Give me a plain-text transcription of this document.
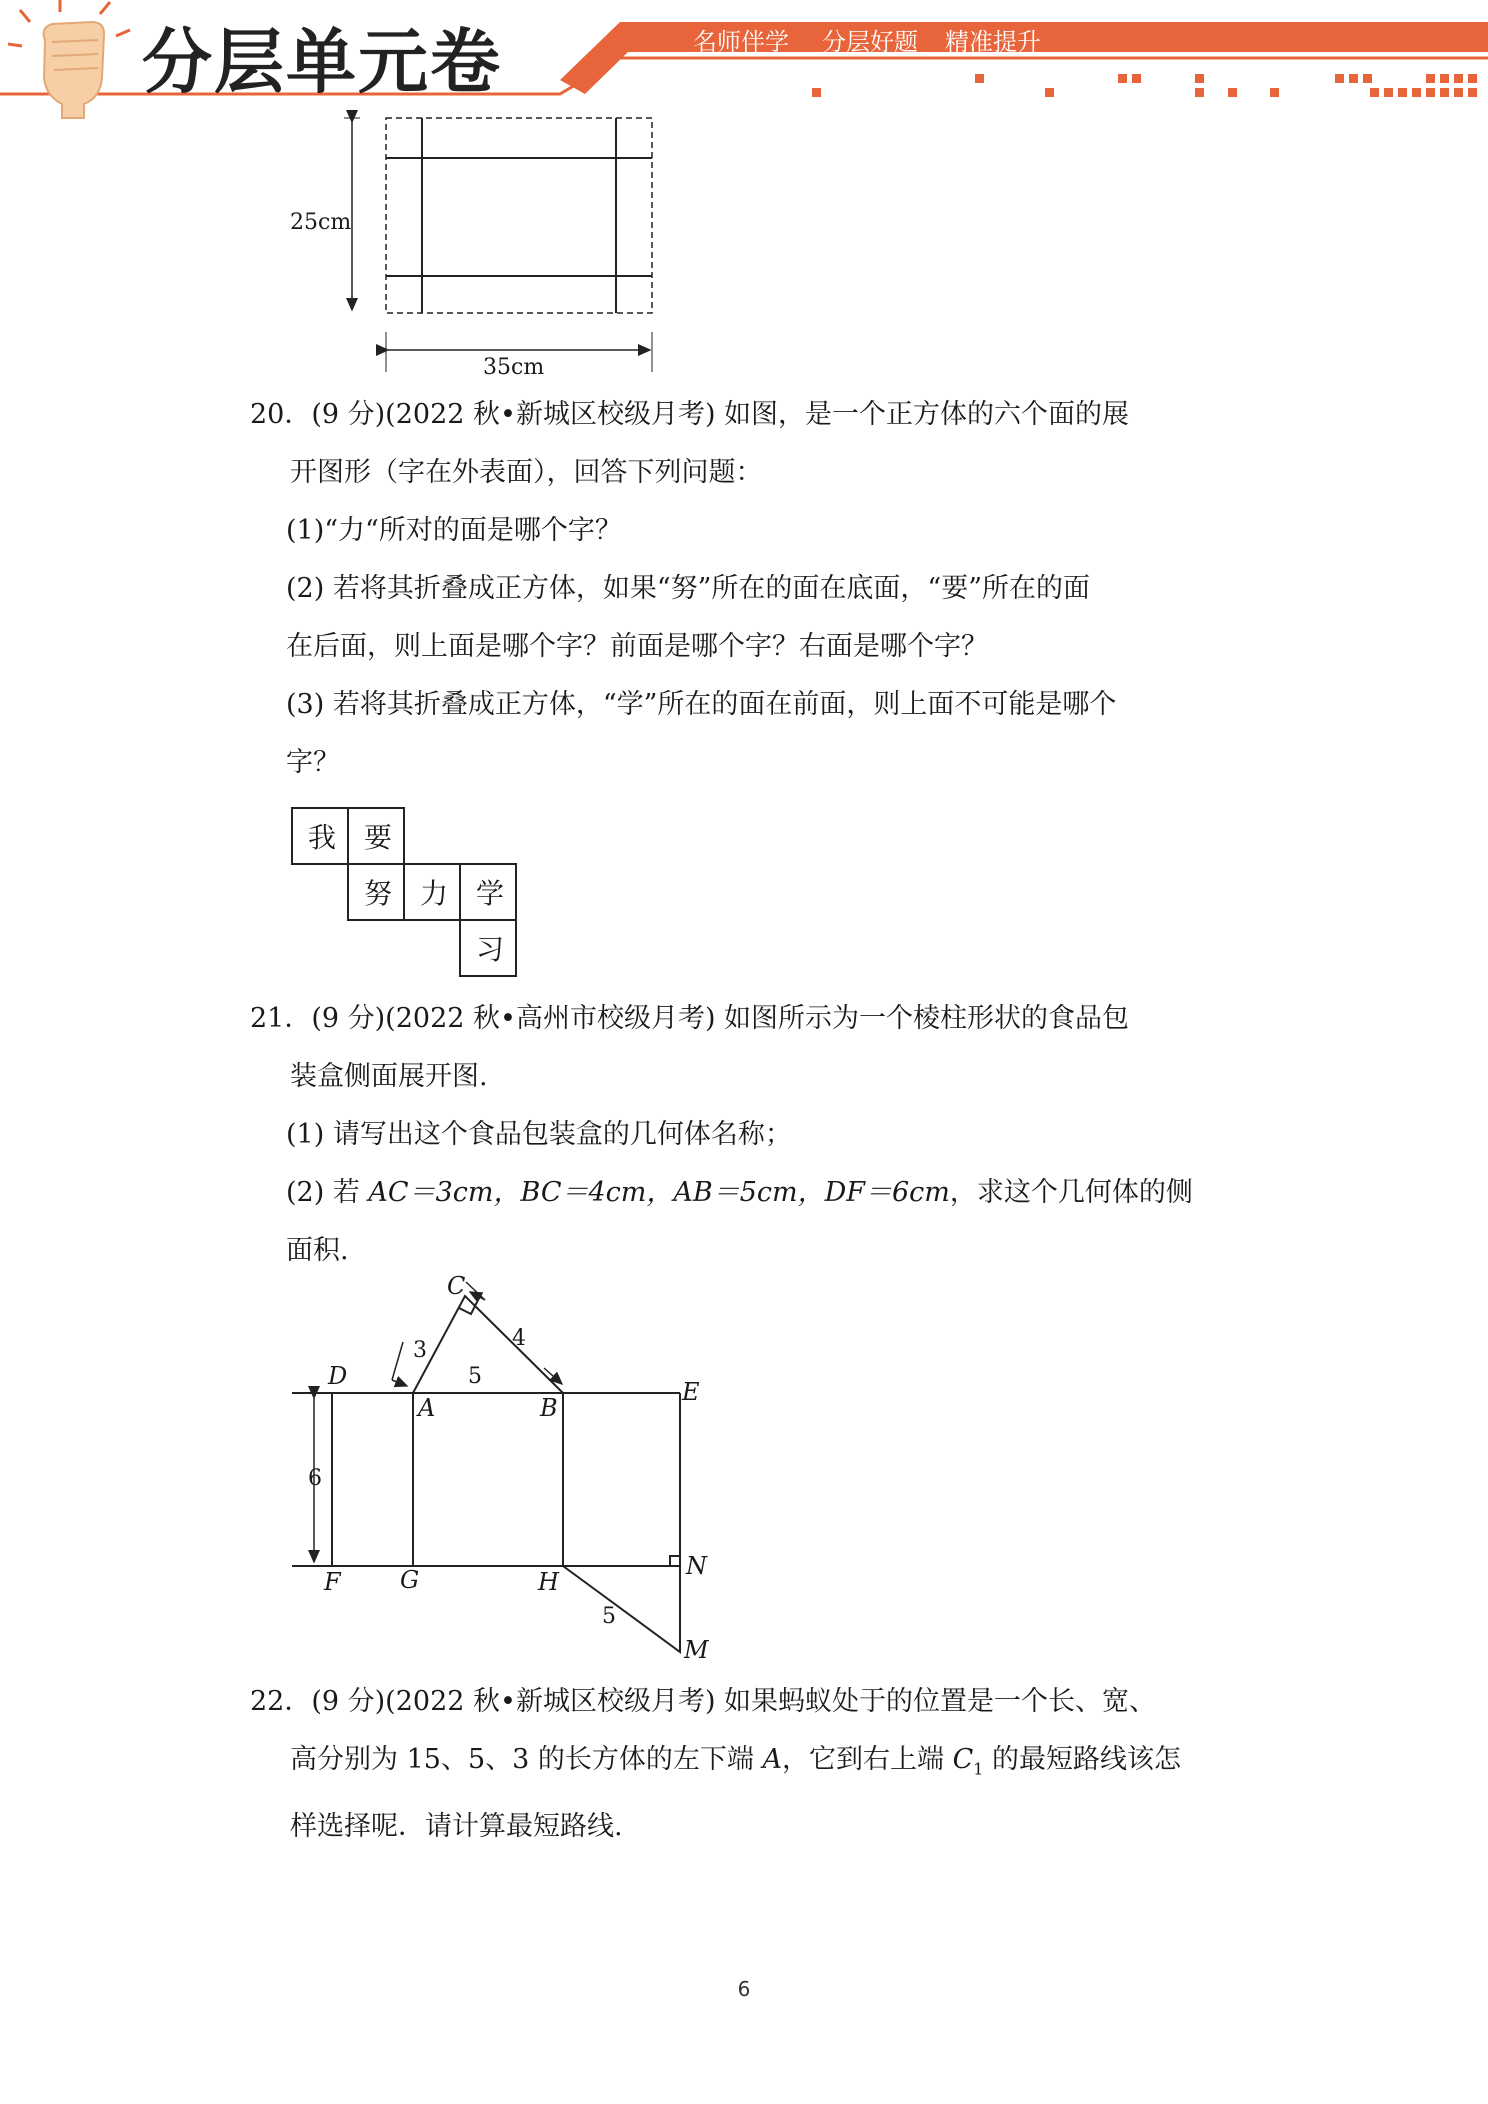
分层单元卷	名师伴学 分层好题 精准提升
25cm
35cm

20．(9 分)(2022 秋•新城区校级月考) 如图，是一个正方体的六个面的展

开图形（字在外表面），回答下列问题：

(1)“力“所对的面是哪个字？

(2) 若将其折叠成正方体，如果“努”所在的面在底面，“要”所在的面

在后面，则上面是哪个字？前面是哪个字？右面是哪个字？

(3) 若将其折叠成正方体，“学”所在的面在前面，则上面不可能是哪个

字？

我 要
努 力 学
习

21．(9 分)(2022 秋•高州市校级月考) 如图所示为一个棱柱形状的食品包

装盒侧面展开图.

(1) 请写出这个食品包装盒的几何体名称；

(2) 若 AC＝3cm，BC＝4cm，AB＝5cm，DF＝6cm，求这个几何体的侧

面积.

C
3	4
5
D
A	B
E
6
F G	H
N
5
M

22．(9 分)(2022 秋•新城区校级月考) 如果蚂蚁处于的位置是一个长、宽、

高分别为 15、5、3 的长方体的左下端 A，它到右上端 $C_1$ 的最短路线该怎

样选择呢．请计算最短路线.

6
